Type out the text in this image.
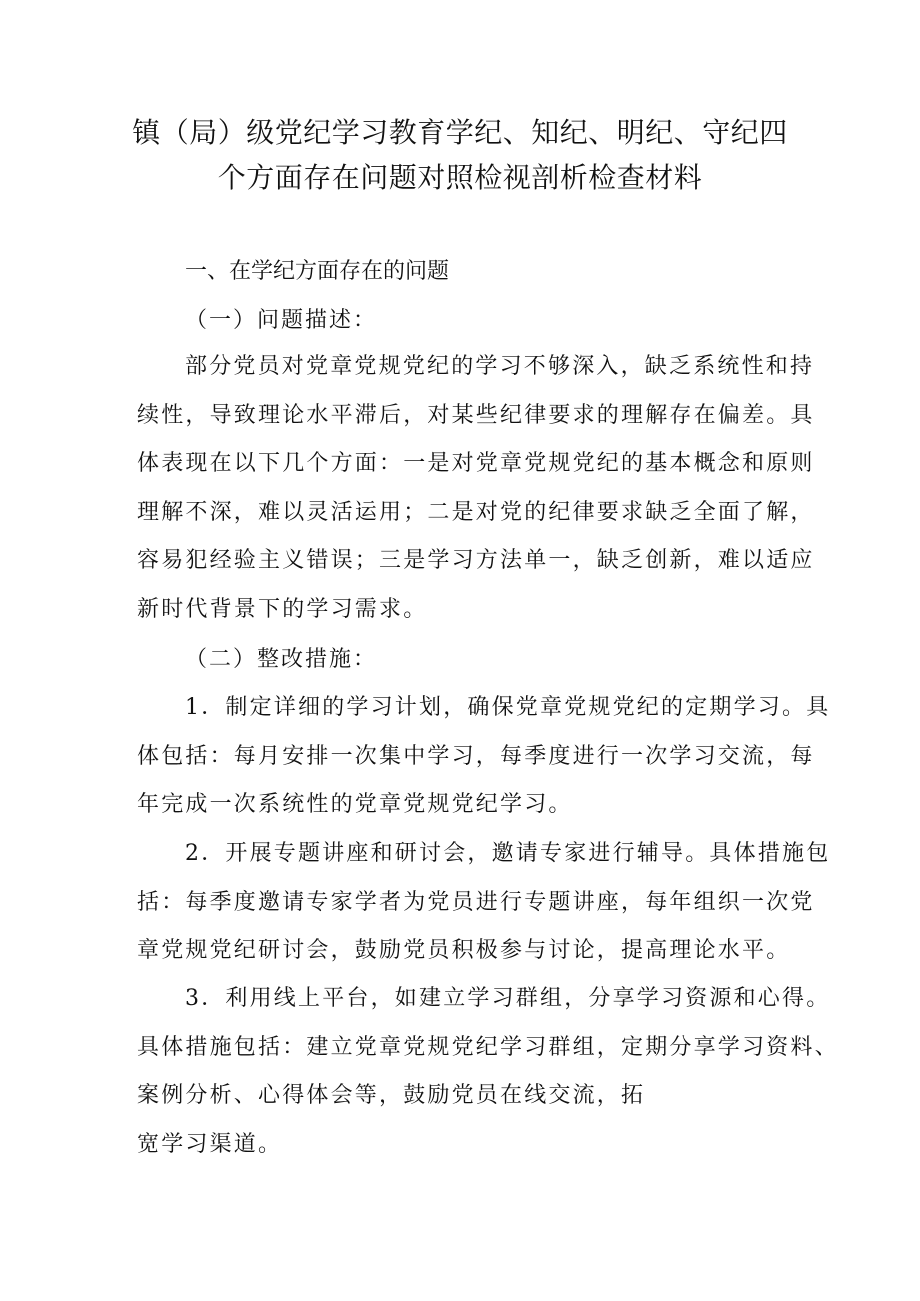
镇（局）级党纪学习教育学纪、知纪、明纪、守纪四
个方面存在问题对照检视剖析检查材料
一、在学纪方面存在的问题
（一）问题描述：
部分党员对党章党规党纪的学习不够深入，缺乏系统性和持
续性，导致理论水平滞后，对某些纪律要求的理解存在偏差。具
体表现在以下几个方面：一是对党章党规党纪的基本概念和原则
理解不深，难以灵活运用；二是对党的纪律要求缺乏全面了解，
容易犯经验主义错误；三是学习方法单一，缺乏创新，难以适应
新时代背景下的学习需求。
（二）整改措施：
1．制定详细的学习计划，确保党章党规党纪的定期学习。具
体包括：每月安排一次集中学习，每季度进行一次学习交流，每
年完成一次系统性的党章党规党纪学习。
2．开展专题讲座和研讨会，邀请专家进行辅导。具体措施包
括：每季度邀请专家学者为党员进行专题讲座，每年组织一次党
章党规党纪研讨会，鼓励党员积极参与讨论，提高理论水平。
3．利用线上平台，如建立学习群组，分享学习资源和心得。
具体措施包括：建立党章党规党纪学习群组，定期分享学习资料、
案例分析、心得体会等，鼓励党员在线交流，拓
宽学习渠道。
